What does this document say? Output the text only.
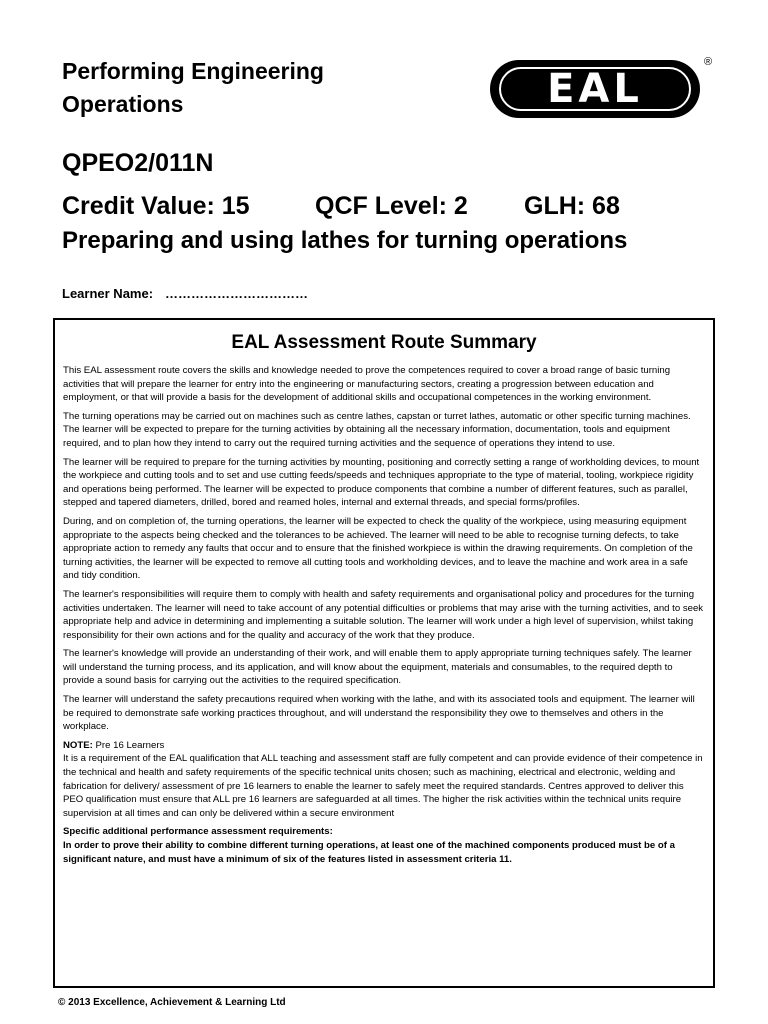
Performing Engineering
Operations
QPEO2/011N
Credit Value: 15	QCF Level: 2 GLH: 68
Preparing and using lathes for turning operations
Learner Name: ……………………………
EAL
®
EAL Assessment Route Summary

This EAL assessment route covers the skills and knowledge needed to prove the competences required to cover a broad range of basic turning activities that will prepare the learner for entry into the engineering or manufacturing sectors, creating a progression between education and employment, or that will provide a basis for the development of additional skills and occupational competences in the working environment.

The turning operations may be carried out on machines such as centre lathes, capstan or turret lathes, automatic or other specific turning machines. The learner will be expected to prepare for the turning activities by obtaining all the necessary information, documentation, tools and equipment required, and to plan how they intend to carry out the required turning activities and the sequence of operations they intend to use.

The learner will be required to prepare for the turning activities by mounting, positioning and correctly setting a range of workholding devices, to mount the workpiece and cutting tools and to set and use cutting feeds/speeds and techniques appropriate to the type of material, tooling, workpiece rigidity and operations being performed. The learner will be expected to produce components that combine a number of different features, such as parallel, stepped and tapered diameters, drilled, bored and reamed holes, internal and external threads, and special forms/profiles.

During, and on completion of, the turning operations, the learner will be expected to check the quality of the workpiece, using measuring equipment appropriate to the aspects being checked and the tolerances to be achieved. The learner will need to be able to recognise turning defects, to take appropriate action to remedy any faults that occur and to ensure that the finished workpiece is within the drawing requirements. On completion of the turning activities, the learner will be expected to remove all cutting tools and workholding devices, and to leave the machine and work area in a safe and tidy condition.

The learner's responsibilities will require them to comply with health and safety requirements and organisational policy and procedures for the turning activities undertaken. The learner will need to take account of any potential difficulties or problems that may arise with the turning activities, and to seek appropriate help and advice in determining and implementing a suitable solution. The learner will work under a high level of supervision, whilst taking responsibility for their own actions and for the quality and accuracy of the work that they produce.

The learner's knowledge will provide an understanding of their work, and will enable them to apply appropriate turning techniques safely. The learner will understand the turning process, and its application, and will know about the equipment, materials and consumables, to the required depth to provide a sound basis for carrying out the activities to the required specification.

The learner will understand the safety precautions required when working with the lathe, and with its associated tools and equipment. The learner will be required to demonstrate safe working practices throughout, and will understand the responsibility they owe to themselves and others in the workplace.

NOTE: Pre 16 Learners

It is a requirement of the EAL qualification that ALL teaching and assessment staff are fully competent and can provide evidence of their competence in the technical and health and safety requirements of the specific technical units chosen; such as machining, electrical and electronic, welding and fabrication for delivery/ assessment of pre 16 learners to enable the learner to safely meet the required standards. Centres approved to deliver this PEO qualification must ensure that ALL pre 16 learners are safeguarded at all times. The higher the risk activities within the technical units require supervision at all times and can only be delivered within a secure environment

Specific additional performance assessment requirements:
In order to prove their ability to combine different turning operations, at least one of the machined components produced must be of a significant nature, and must have a minimum of six of the features listed in assessment criteria 11.
© 2013 Excellence, Achievement & Learning Ltd
